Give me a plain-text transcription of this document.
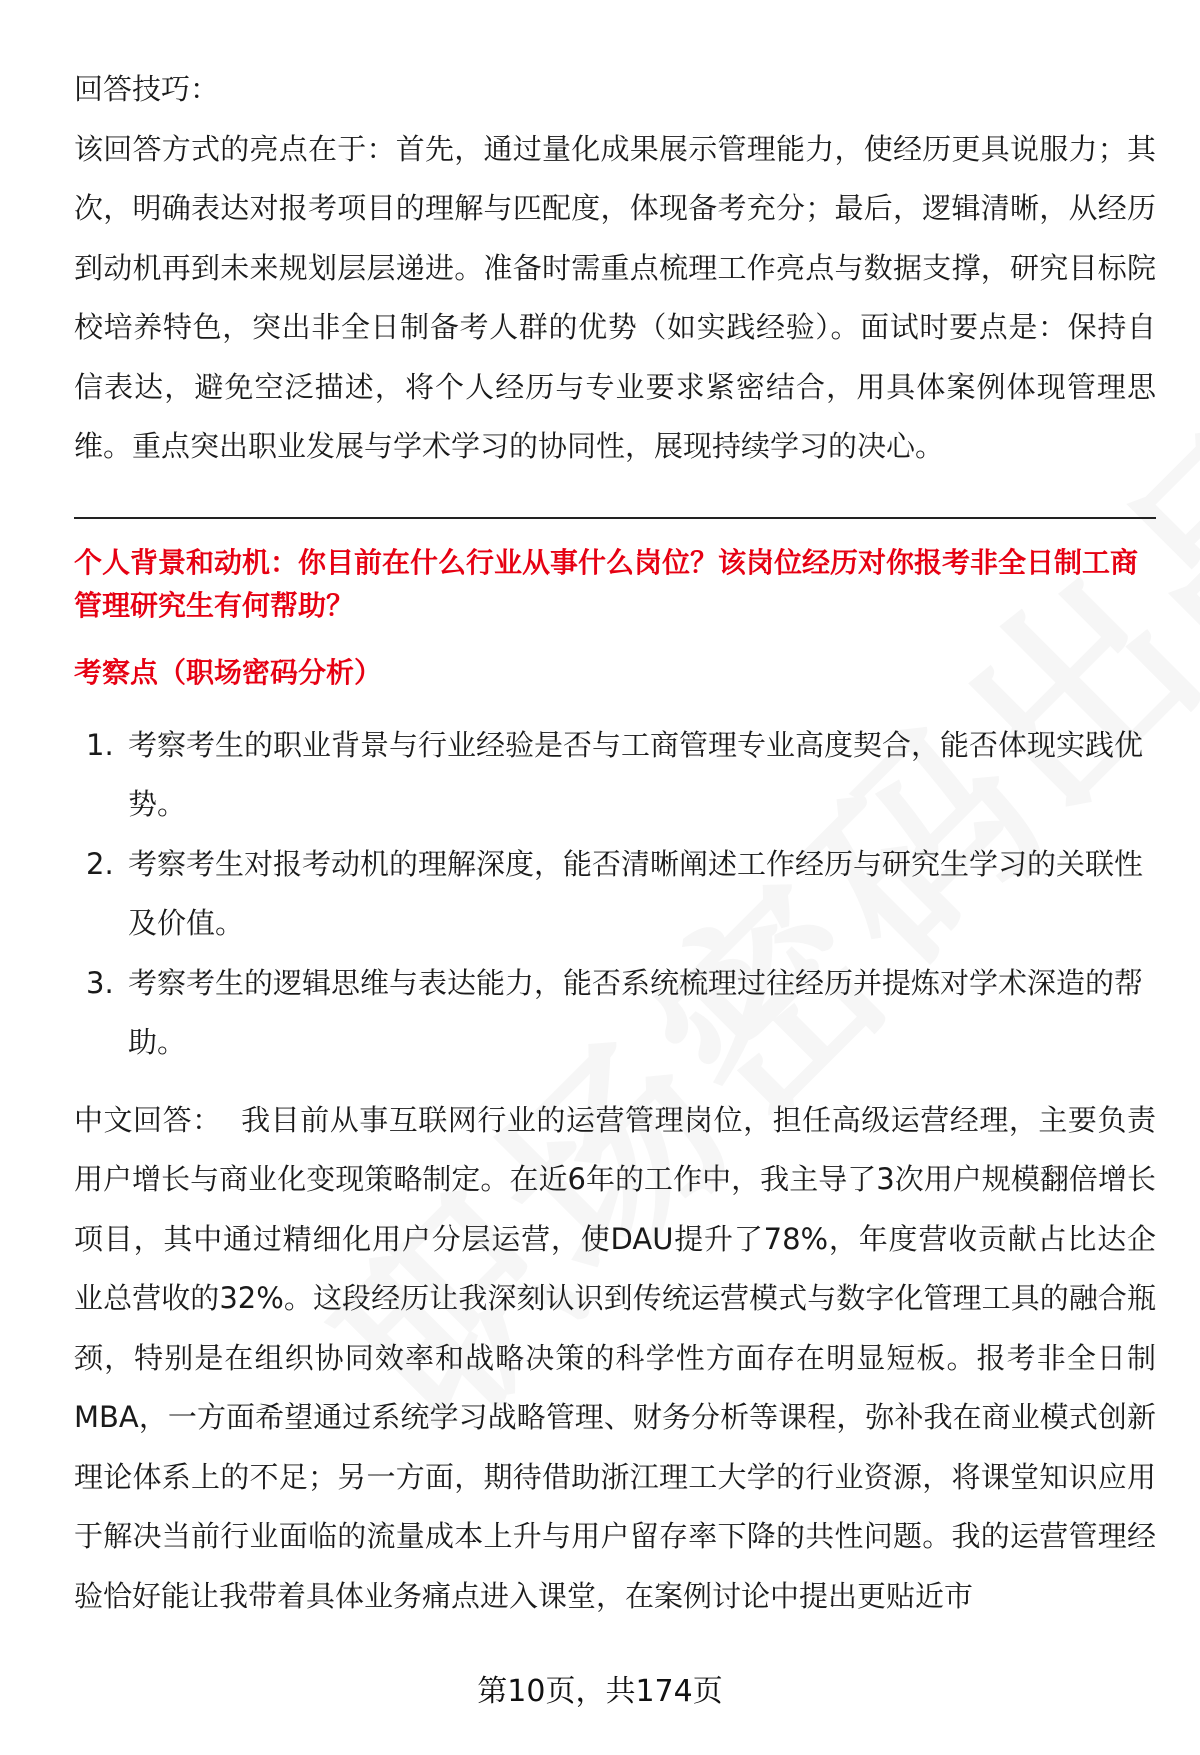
回答技巧：

该回答方式的亮点在于：首先，通过量化成果展示管理能力，使经历更具说服力；其次，明确表达对报考项目的理解与匹配度，体现备考充分；最后，逻辑清晰，从经历到动机再到未来规划层层递进。准备时需重点梳理工作亮点与数据支撑，研究目标院校培养特色，突出非全日制备考人群的优势（如实践经验）。面试时要点是：保持自信表达，避免空泛描述，将个人经历与专业要求紧密结合，用具体案例体现管理思维。重点突出职业发展与学术学习的协同性，展现持续学习的决心。

个人背景和动机：你目前在什么行业从事什么岗位？该岗位经历对你报考非全日制工商管理研究生有何帮助？

考察点（职场密码分析）

1. 考察考生的职业背景与行业经验是否与工商管理专业高度契合，能否体现实践优势。
2. 考察考生对报考动机的理解深度，能否清晰阐述工作经历与研究生学习的关联性及价值。
3. 考察考生的逻辑思维与表达能力，能否系统梳理过往经历并提炼对学术深造的帮助。

中文回答： 我目前从事互联网行业的运营管理岗位，担任高级运营经理，主要负责用户增长与商业化变现策略制定。在近6年的工作中，我主导了3次用户规模翻倍增长项目，其中通过精细化用户分层运营，使DAU提升了78%，年度营收贡献占比达企业总营收的32%。这段经历让我深刻认识到传统运营模式与数字化管理工具的融合瓶颈，特别是在组织协同效率和战略决策的科学性方面存在明显短板。报考非全日制MBA，一方面希望通过系统学习战略管理、财务分析等课程，弥补我在商业模式创新理论体系上的不足；另一方面，期待借助浙江理工大学的行业资源，将课堂知识应用于解决当前行业面临的流量成本上升与用户留存率下降的共性问题。我的运营管理经验恰好能让我带着具体业务痛点进入课堂，在案例讨论中提出更贴近市

第10页，共174页
